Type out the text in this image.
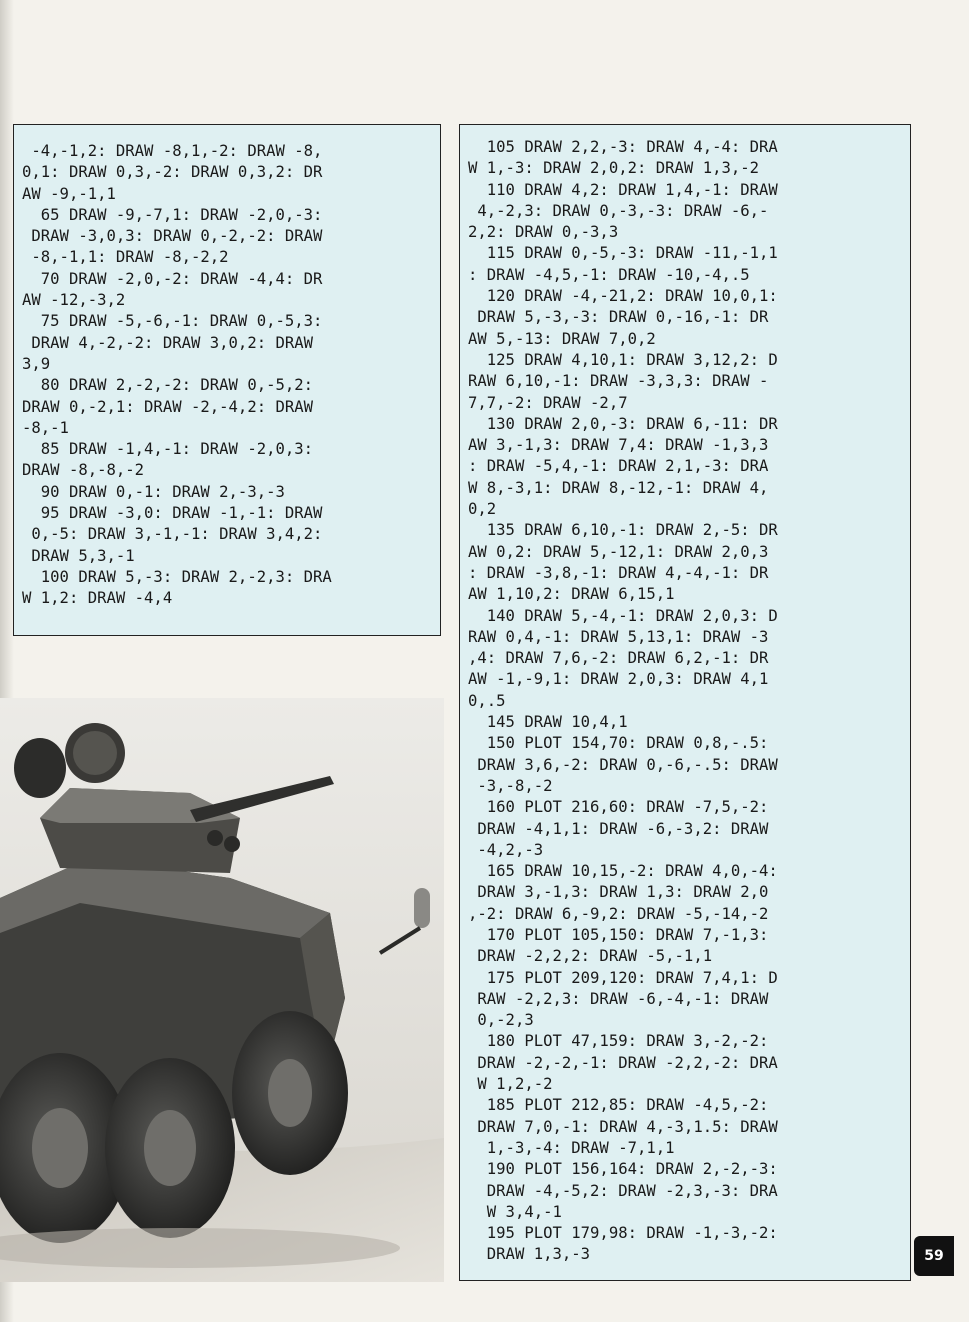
-4,-1,2: DRAW -8,1,-2: DRAW -8,
0,1: DRAW 0,3,-2: DRAW 0,3,2: DR
AW -9,-1,1
65 DRAW -9,-7,1: DRAW -2,0,-3:
DRAW -3,0,3: DRAW 0,-2,-2: DRAW
-8,-1,1: DRAW -8,-2,2
70 DRAW -2,0,-2: DRAW -4,4: DR
AW -12,-3,2
75 DRAW -5,-6,-1: DRAW 0,-5,3:
DRAW 4,-2,-2: DRAW 3,0,2: DRAW
3,9
80 DRAW 2,-2,-2: DRAW 0,-5,2:
DRAW 0,-2,1: DRAW -2,-4,2: DRAW
-8,-1
85 DRAW -1,4,-1: DRAW -2,0,3:
DRAW -8,-8,-2
90 DRAW 0,-1: DRAW 2,-3,-3
95 DRAW -3,0: DRAW -1,-1: DRAW
0,-5: DRAW 3,-1,-1: DRAW 3,4,2:
DRAW 5,3,-1
100 DRAW 5,-3: DRAW 2,-2,3: DRA
W 1,2: DRAW -4,4
105 DRAW 2,2,-3: DRAW 4,-4: DRA
W 1,-3: DRAW 2,0,2: DRAW 1,3,-2
110 DRAW 4,2: DRAW 1,4,-1: DRAW
4,-2,3: DRAW 0,-3,-3: DRAW -6,-
2,2: DRAW 0,-3,3
115 DRAW 0,-5,-3: DRAW -11,-1,1
: DRAW -4,5,-1: DRAW -10,-4,.5
120 DRAW -4,-21,2: DRAW 10,0,1:
DRAW 5,-3,-3: DRAW 0,-16,-1: DR
AW 5,-13: DRAW 7,0,2
125 DRAW 4,10,1: DRAW 3,12,2: D
RAW 6,10,-1: DRAW -3,3,3: DRAW -
7,7,-2: DRAW -2,7
130 DRAW 2,0,-3: DRAW 6,-11: DR
AW 3,-1,3: DRAW 7,4: DRAW -1,3,3
: DRAW -5,4,-1: DRAW 2,1,-3: DRA
W 8,-3,1: DRAW 8,-12,-1: DRAW 4,
0,2
135 DRAW 6,10,-1: DRAW 2,-5: DR
AW 0,2: DRAW 5,-12,1: DRAW 2,0,3
: DRAW -3,8,-1: DRAW 4,-4,-1: DR
AW 1,10,2: DRAW 6,15,1
140 DRAW 5,-4,-1: DRAW 2,0,3: D
RAW 0,4,-1: DRAW 5,13,1: DRAW -3
,4: DRAW 7,6,-2: DRAW 6,2,-1: DR
AW -1,-9,1: DRAW 2,0,3: DRAW 4,1
0,.5
145 DRAW 10,4,1
150 PLOT 154,70: DRAW 0,8,-.5:
DRAW 3,6,-2: DRAW 0,-6,-.5: DRAW
-3,-8,-2
160 PLOT 216,60: DRAW -7,5,-2:
DRAW -4,1,1: DRAW -6,-3,2: DRAW
-4,2,-3
165 DRAW 10,15,-2: DRAW 4,0,-4:
DRAW 3,-1,3: DRAW 1,3: DRAW 2,0
,-2: DRAW 6,-9,2: DRAW -5,-14,-2
170 PLOT 105,150: DRAW 7,-1,3:
DRAW -2,2,2: DRAW -5,-1,1
175 PLOT 209,120: DRAW 7,4,1: D
RAW -2,2,3: DRAW -6,-4,-1: DRAW
0,-2,3
180 PLOT 47,159: DRAW 3,-2,-2:
DRAW -2,-2,-1: DRAW -2,2,-2: DRA
W 1,2,-2
185 PLOT 212,85: DRAW -4,5,-2:
DRAW 7,0,-1: DRAW 4,-3,1.5: DRAW
1,-3,-4: DRAW -7,1,1
190 PLOT 156,164: DRAW 2,-2,-3:
DRAW -4,-5,2: DRAW -2,3,-3: DRA
W 3,4,-1
195 PLOT 179,98: DRAW -1,-3,-2:
DRAW 1,3,-3	59
